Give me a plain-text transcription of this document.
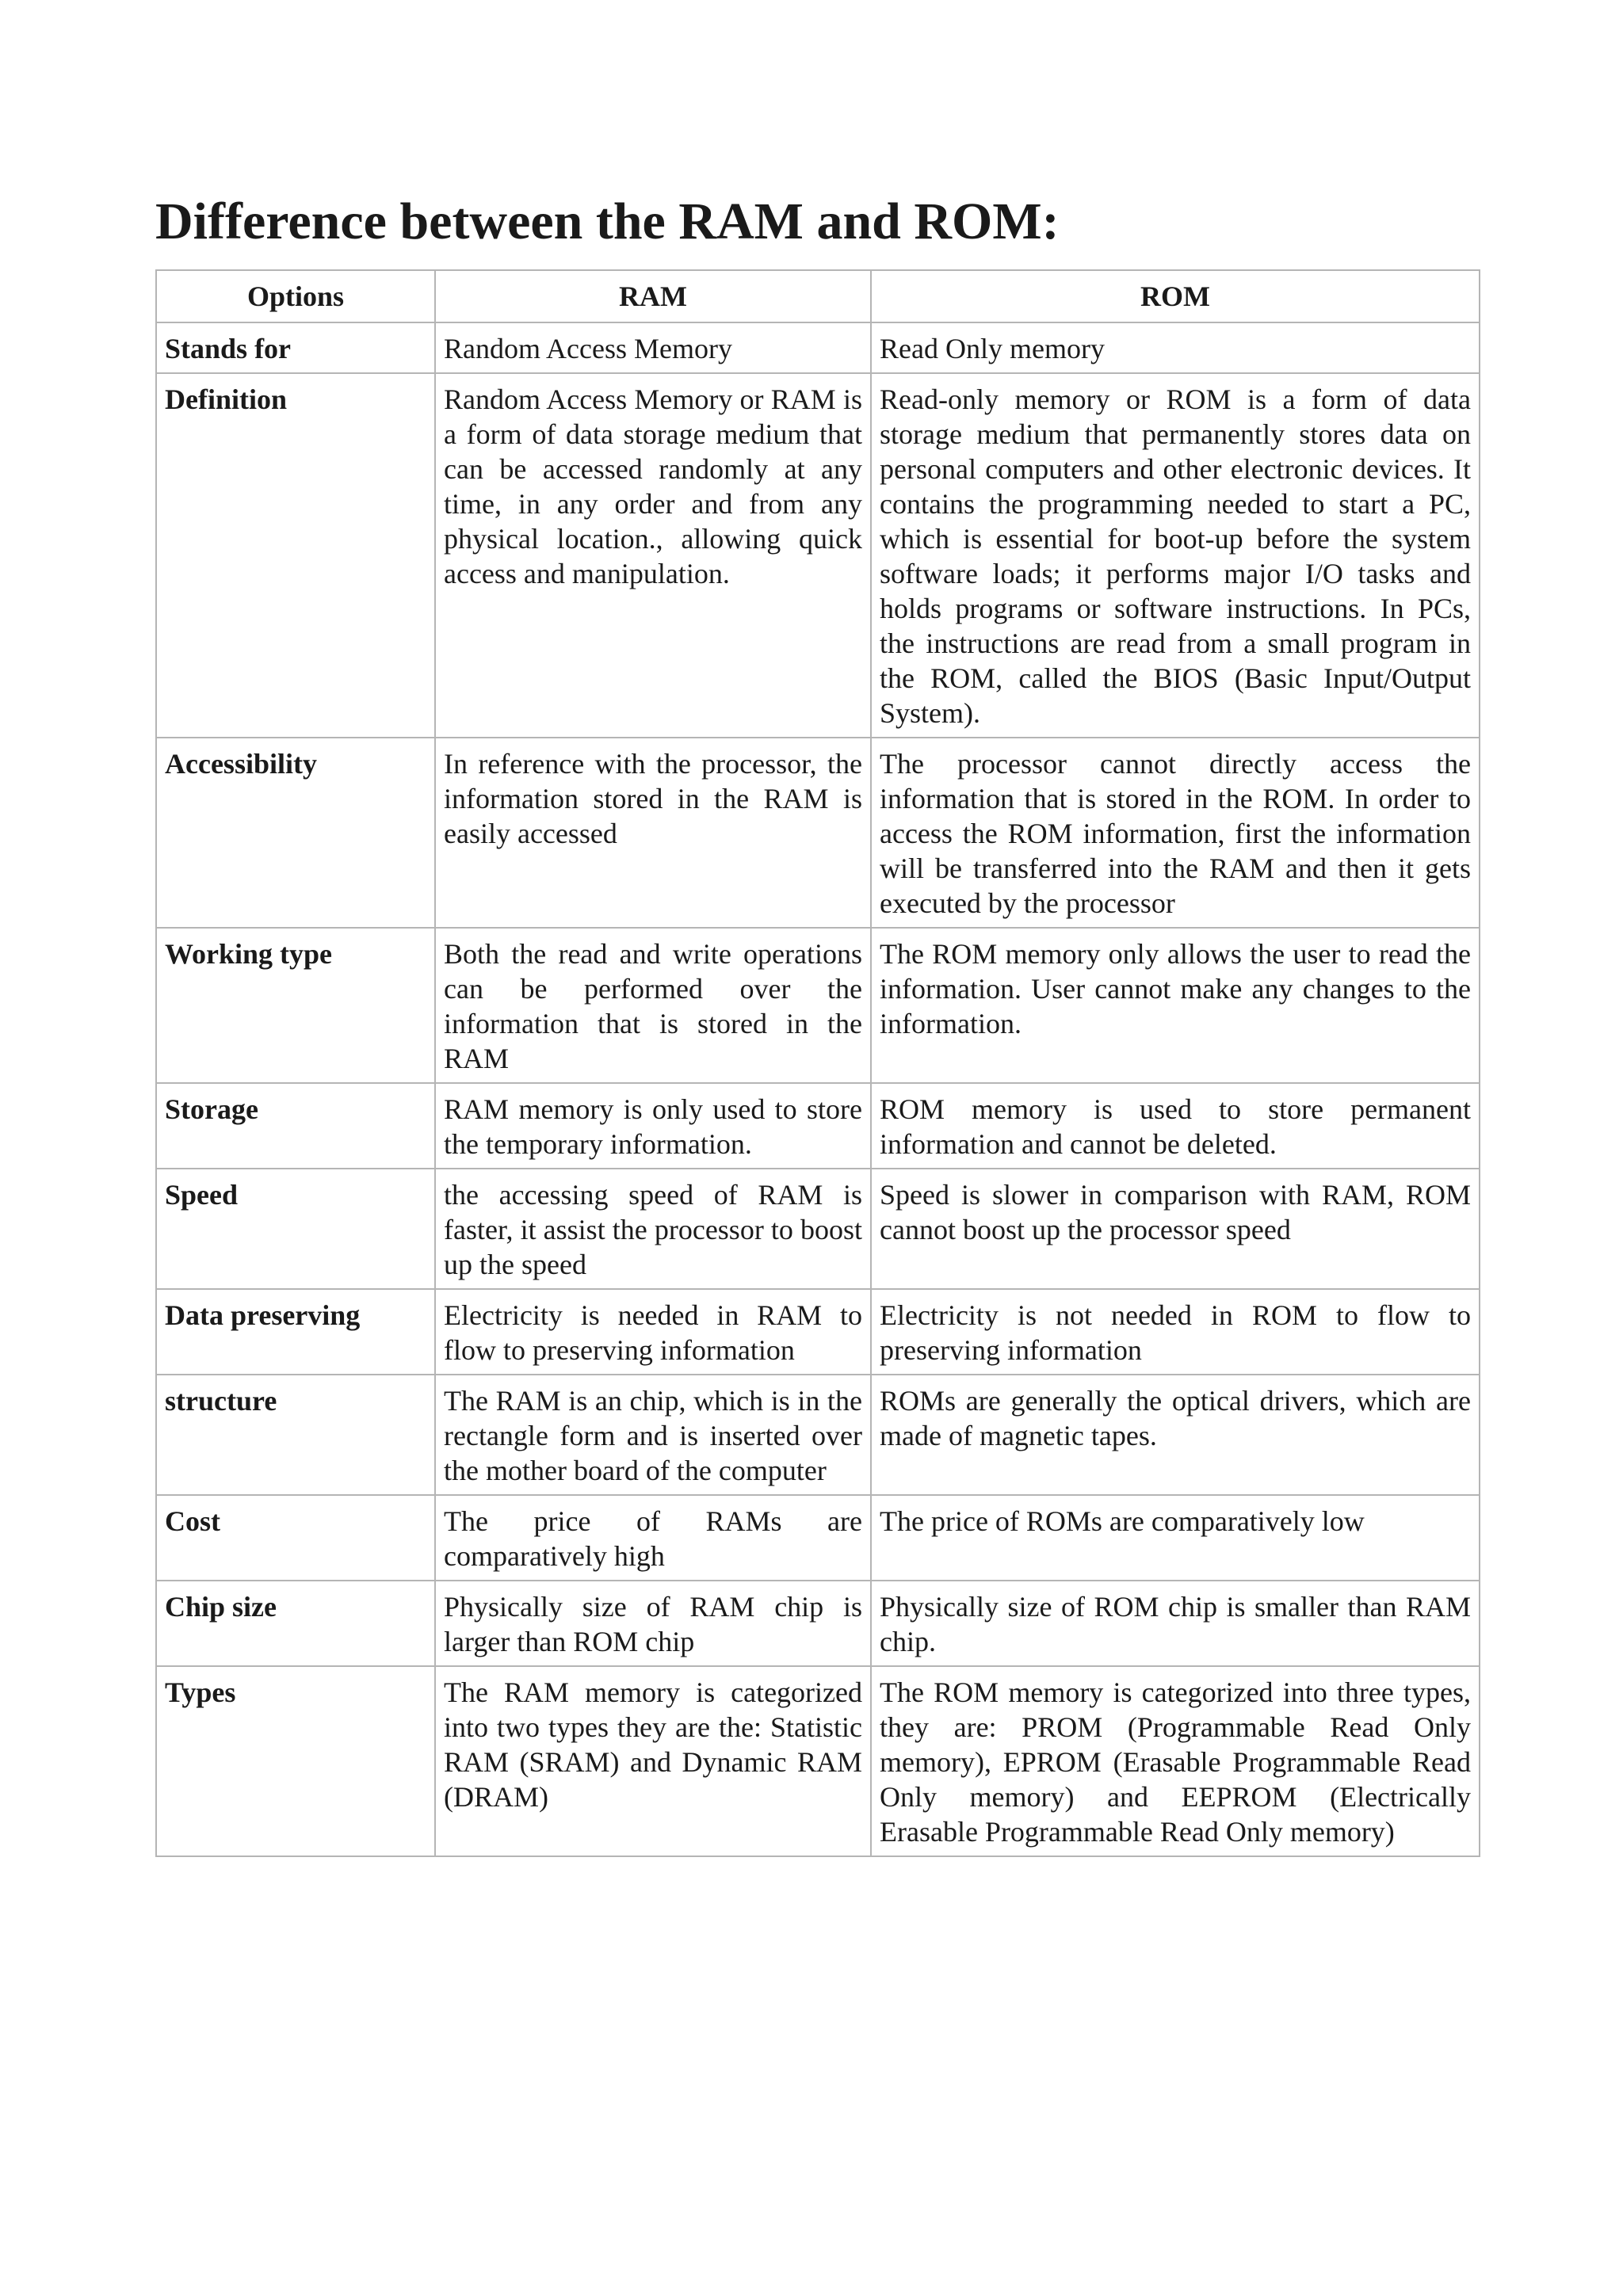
Difference between the RAM and ROM:
Options	RAM	ROM
Stands for	Random Access Memory	Read Only memory
Definition	Random Access Memory or RAM is a form of data storage medium that can be accessed randomly at any time, in any order and from any physical location., allowing quick access and manipulation.	Read-only memory or ROM is a form of data storage medium that permanently stores data on personal computers and other electronic devices. It contains the programming needed to start a PC, which is essential for boot-up before the system software loads; it performs major I/O tasks and holds programs or software instructions. In PCs, the instructions are read from a small program in the ROM, called the BIOS (Basic Input/Output System).
Accessibility	In reference with the processor, the information stored in the RAM is easily accessed	The processor cannot directly access the information that is stored in the ROM. In order to access the ROM information, first the information will be transferred into the RAM and then it gets executed by the processor
Working type	Both the read and write operations can be performed over the information that is stored in the RAM	The ROM memory only allows the user to read the information. User cannot make any changes to the information.
Storage	RAM memory is only used to store the temporary information.	ROM memory is used to store permanent information and cannot be deleted.
Speed	the accessing speed of RAM is faster, it assist the processor to boost up the speed	Speed is slower in comparison with RAM, ROM cannot boost up the processor speed
Data preserving	Electricity is needed in RAM to flow to preserving information	Electricity is not needed in ROM to flow to preserving information
structure	The RAM is an chip, which is in the rectangle form and is inserted over the mother board of the computer	ROMs are generally the optical drivers, which are made of magnetic tapes.
Cost	The price of RAMs are comparatively high	The price of ROMs are comparatively low
Chip size	Physically size of RAM chip is larger than ROM chip	Physically size of ROM chip is smaller than RAM chip.
Types	The RAM memory is categorized into two types they are the: Statistic RAM (SRAM) and Dynamic RAM (DRAM)	The ROM memory is categorized into three types, they are: PROM (Programmable Read Only memory), EPROM (Erasable Programmable Read Only memory) and EEPROM (Electrically Erasable Programmable Read Only memory)
